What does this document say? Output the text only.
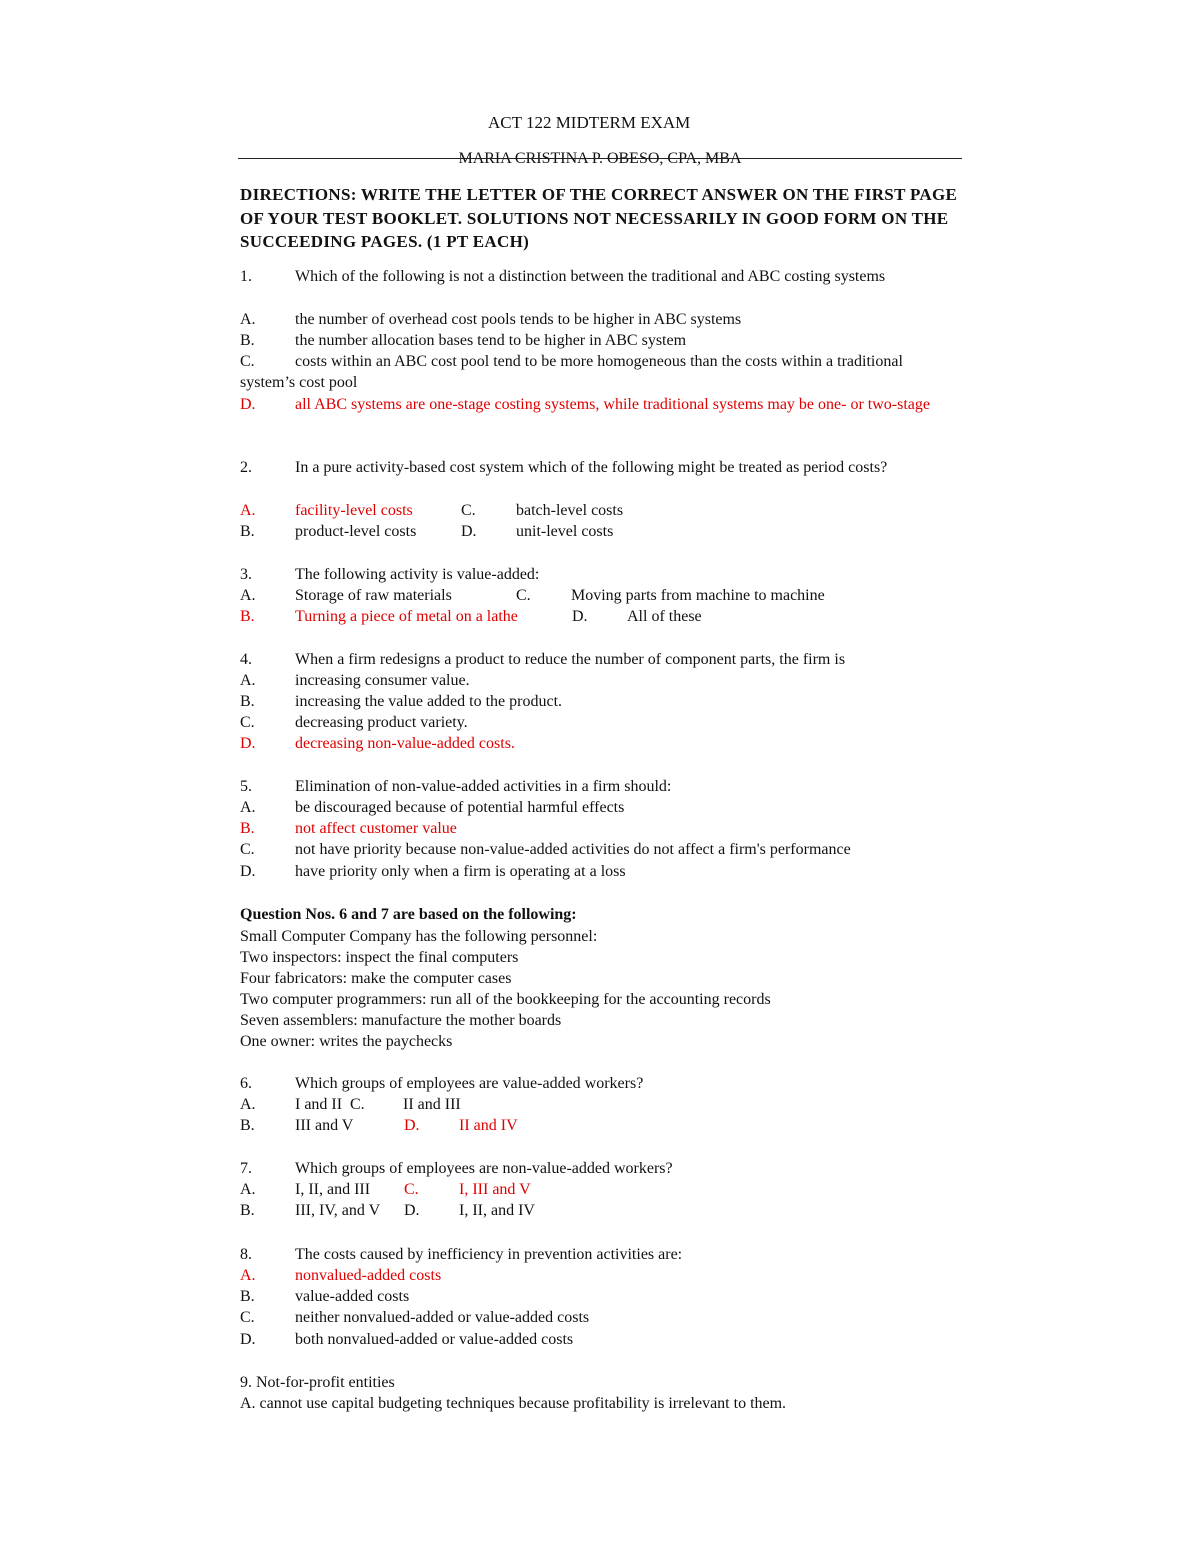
ACT 122 MIDTERM EXAM
MARIA CRISTINA P. OBESO, CPA, MBA
DIRECTIONS: WRITE THE LETTER OF THE CORRECT ANSWER ON THE FIRST PAGE OF YOUR TEST BOOKLET. SOLUTIONS NOT NECESSARILY IN GOOD FORM ON THE SUCCEEDING PAGES. (1 PT EACH)
1.	Which of the following is not a distinction between the traditional and ABC costing systems
A. the number of overhead cost pools tends to be higher in ABC systems
B.	the number allocation bases tend to be higher in ABC system
C.	costs within an ABC cost pool tend to be more homogeneous than the costs within a traditional system’s cost pool
D. all ABC systems are one-stage costing systems, while traditional systems may be one- or two-stage
2.	In a pure activity-based cost system which of the following might be treated as period costs?
A. facility-level costs	C.	batch-level costs
B.	product-level costs	D. unit-level costs
3.	The following activity is value-added:
A. Storage of raw materials	C.	Moving parts from machine to machine
B.	Turning a piece of metal on a lathe	D. All of these
4.	When a firm redesigns a product to reduce the number of component parts, the firm is
A. increasing consumer value.
B.	increasing the value added to the product.
C.	decreasing product variety.
D. decreasing non-value-added costs.
5.	Elimination of non-value-added activities in a firm should:
A. be discouraged because of potential harmful effects
B.	not affect customer value
C.	not have priority because non-value-added activities do not affect a firm's performance
D. have priority only when a firm is operating at a loss
Question Nos. 6 and 7 are based on the following:
Small Computer Company has the following personnel:
Two inspectors: inspect the final computers
Four fabricators: make the computer cases
Two computer programmers: run all of the bookkeeping for the accounting records
Seven assemblers: manufacture the mother boards
One owner: writes the paychecks
6.	Which groups of employees are value-added workers?
A. I and II C. II and III
B.	III and V	D. II and IV
7.	Which groups of employees are non-value-added workers?
A. I, II, and III C.	I, III and V
B.	III, IV, and V D. I, II, and IV
8.	The costs caused by inefficiency in prevention activities are:
A. nonvalued-added costs
B.	value-added costs
C.	neither nonvalued-added or value-added costs
D. both nonvalued-added or value-added costs
9. Not-for-profit entities
A. cannot use capital budgeting techniques because profitability is irrelevant to them.
